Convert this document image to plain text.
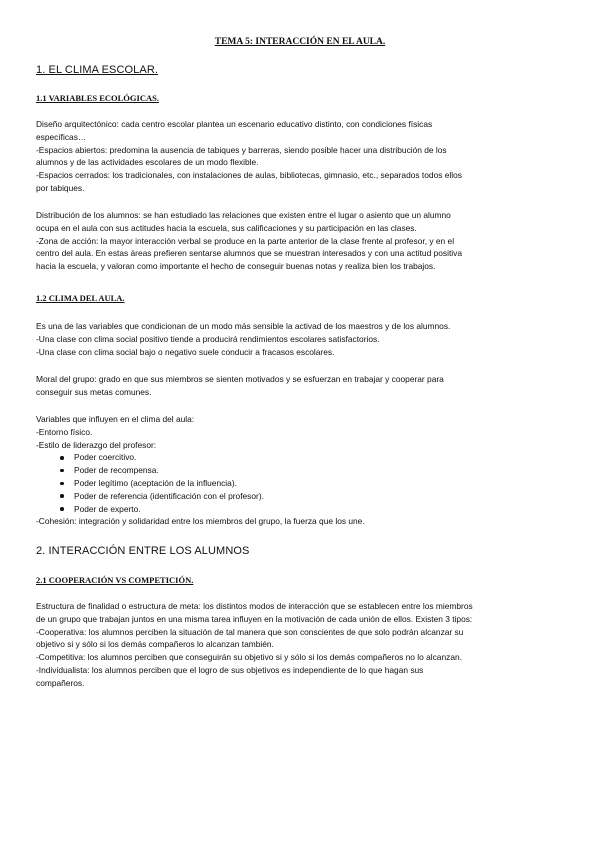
TEMA 5: INTERACCIÓN EN EL AULA.
1. EL CLIMA ESCOLAR.
1.1 VARIABLES ECOLÓGICAS.
Diseño arquitectónico: cada centro escolar plantea un escenario educativo distinto, con condiciones físicas
específicas…
-Espacios abiertos: predomina la ausencia de tabiques y barreras, siendo posible hacer una distribución de los
alumnos y de las actividades escolares de un modo flexible.
-Espacios cerrados: los tradicionales, con instalaciones de aulas, bibliotecas, gimnasio, etc., separados todos ellos
por tabiques.
Distribución de los alumnos: se han estudiado las relaciones que existen entre el lugar o asiento que un alumno
ocupa en el aula con sus actitudes hacia la escuela, sus calificaciones y su participación en las clases.
-Zona de acción: la mayor interacción verbal se produce en la parte anterior de la clase frente al profesor, y en el
centro del aula. En estas áreas prefieren sentarse alumnos que se muestran interesados y con una actitud positiva
hacia la escuela, y valoran como importante el hecho de conseguir buenas notas y realiza bien los trabajos.
1.2 CLIMA DEL AULA.
Es una de las variables que condicionan de un modo más sensible la activad de los maestros y de los alumnos.
-Una clase con clima social positivo tiende a producirá rendimientos escolares satisfactorios.
-Una clase con clima social bajo o negativo suele conducir a fracasos escolares.
Moral del grupo: grado en que sus miembros se sienten motivados y se esfuerzan en trabajar y cooperar para
conseguir sus metas comunes.
Variables que influyen en el clima del aula:
-Entorno físico.
-Estilo de liderazgo del profesor:
Poder coercitivo.
Poder de recompensa.
Poder legítimo (aceptación de la influencia).
Poder de referencia (identificación con el profesor).
Poder de experto.
-Cohesión: integración y solidaridad entre los miembros del grupo, la fuerza que los une.
2. INTERACCIÓN ENTRE LOS ALUMNOS
2.1 COOPERACIÓN VS COMPETICIÓN.
Estructura de finalidad o estructura de meta: los distintos modos de interacción que se establecen entre los miembros
de un grupo que trabajan juntos en una misma tarea influyen en la motivación de cada unión de ellos. Existen 3 tipos:
-Cooperativa: los alumnos perciben la situación de tal manera que son conscientes de que solo podrán alcanzar su
objetivo si y sólo si los demás compañeros lo alcanzan también.
-Competitiva: los alumnos perciben que conseguirán su objetivo si y sólo si los demás compañeros no lo alcanzan.
-Individualista: los alumnos perciben que el logro de sus objetivos es independiente de lo que hagan sus
compañeros.
